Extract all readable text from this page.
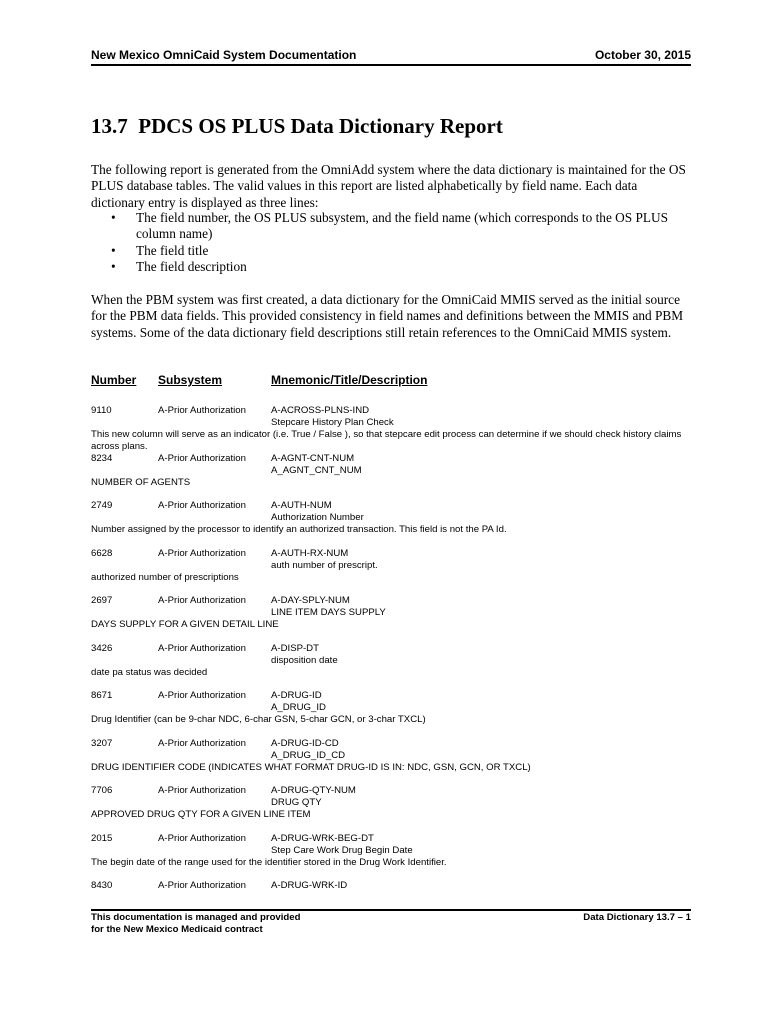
New Mexico OmniCaid System Documentation	October 30, 2015
13.7 PDCS OS PLUS Data Dictionary Report

The following report is generated from the OmniAdd system where the data dictionary is maintained for the OS PLUS database tables. The valid values in this report are listed alphabetically by field name. Each data dictionary entry is displayed as three lines:

• The field number, the OS PLUS subsystem, and the field name (which corresponds to the OS PLUS column name)
• The field title
• The field description

When the PBM system was first created, a data dictionary for the OmniCaid MMIS served as the initial source for the PBM data fields. This provided consistency in field names and definitions between the MMIS and PBM systems. Some of the data dictionary field descriptions still retain references to the OmniCaid MMIS system.

Number Subsystem	Mnemonic/Title/Description
9110	A-Prior Authorization	A-ACROSS-PLNS-IND
Stepcare History Plan Check
This new column will serve as an indicator (i.e. True / False ), so that stepcare edit process can determine if we should check history claims across plans.
8234	A-Prior Authorization	A-AGNT-CNT-NUM
A_AGNT_CNT_NUM
NUMBER OF AGENTS
2749	A-Prior Authorization	A-AUTH-NUM
Authorization Number
Number assigned by the processor to identify an authorized transaction. This field is not the PA Id.
6628	A-Prior Authorization	A-AUTH-RX-NUM
auth number of prescript.
authorized number of prescriptions
2697	A-Prior Authorization	A-DAY-SPLY-NUM
LINE ITEM DAYS SUPPLY
DAYS SUPPLY FOR A GIVEN DETAIL LINE
3426	A-Prior Authorization	A-DISP-DT
disposition date
date pa status was decided
8671	A-Prior Authorization	A-DRUG-ID
A_DRUG_ID
Drug Identifier (can be 9-char NDC, 6-char GSN, 5-char GCN, or 3-char TXCL)
3207	A-Prior Authorization	A-DRUG-ID-CD
A_DRUG_ID_CD
DRUG IDENTIFIER CODE (INDICATES WHAT FORMAT DRUG-ID IS IN: NDC, GSN, GCN, OR TXCL)
7706	A-Prior Authorization	A-DRUG-QTY-NUM
DRUG QTY
APPROVED DRUG QTY FOR A GIVEN LINE ITEM
2015	A-Prior Authorization	A-DRUG-WRK-BEG-DT
Step Care Work Drug Begin Date
The begin date of the range used for the identifier stored in the Drug Work Identifier.
8430	A-Prior Authorization	A-DRUG-WRK-ID
This documentation is managed and provided
for the New Mexico Medicaid contract
Data Dictionary 13.7 – 1
